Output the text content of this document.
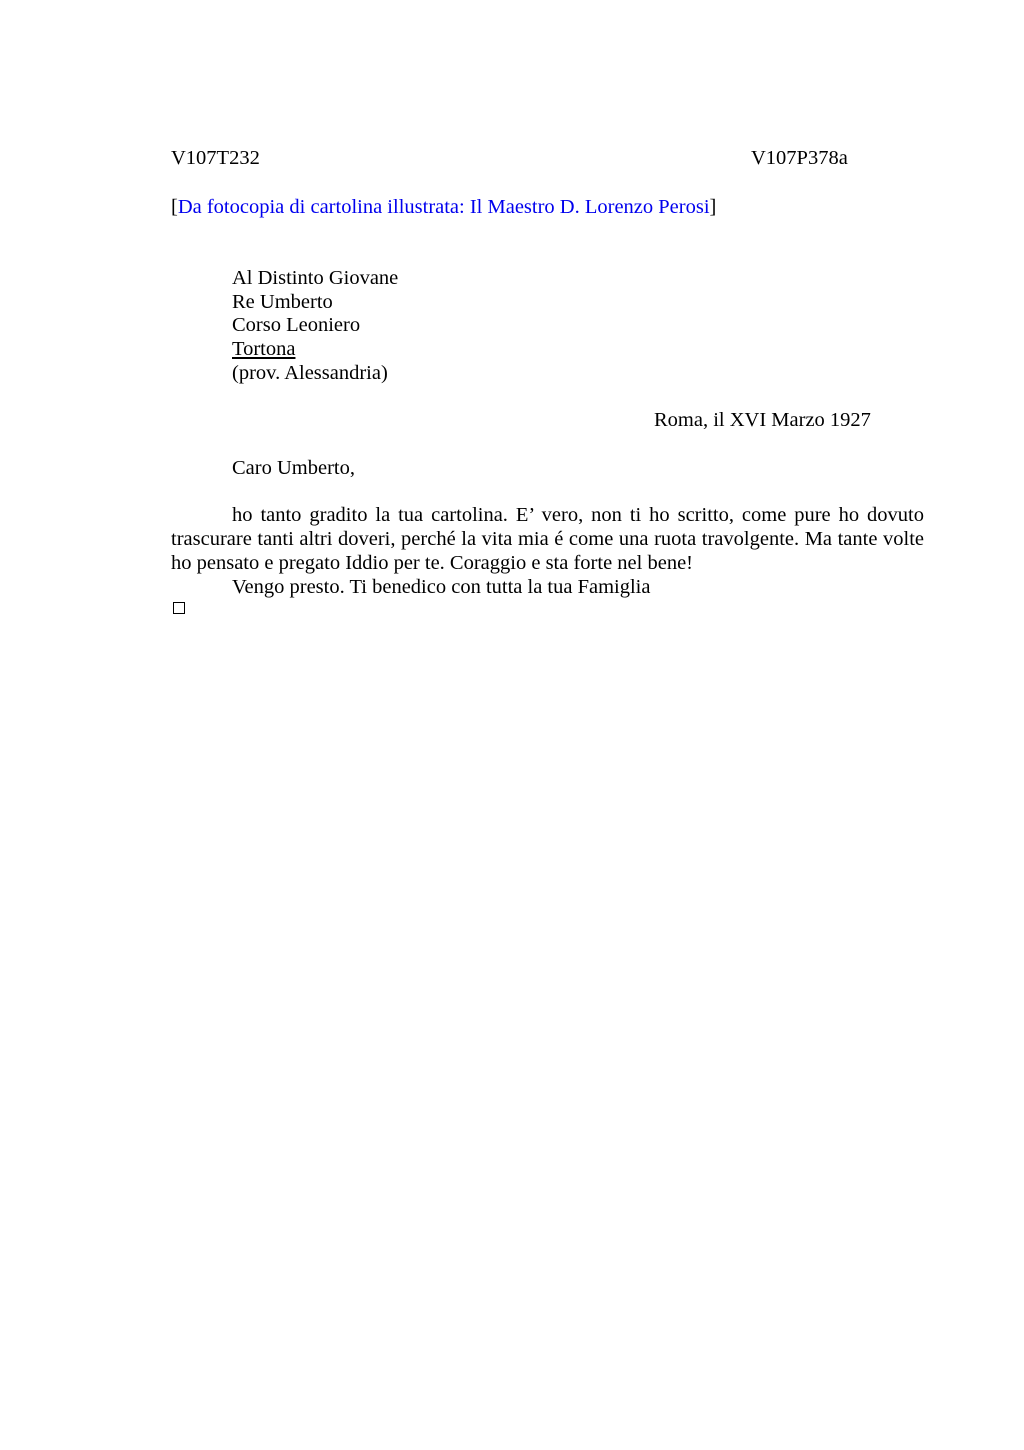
V107T232	V107P378a
[Da fotocopia di cartolina illustrata: Il Maestro D. Lorenzo Perosi]
Al Distinto Giovane
Re Umberto
Corso Leoniero
Tortona
(prov. Alessandria)
Roma, il XVI Marzo 1927
Caro Umberto,

ho tanto gradito la tua cartolina. E’ vero, non ti ho scritto, come pure ho dovuto trascurare tanti altri doveri, perché la vita mia é come una ruota travolgente. Ma tante volte ho pensato e pregato Iddio per te. Coraggio e sta forte nel bene!

Vengo presto. Ti benedico con tutta la tua Famiglia
